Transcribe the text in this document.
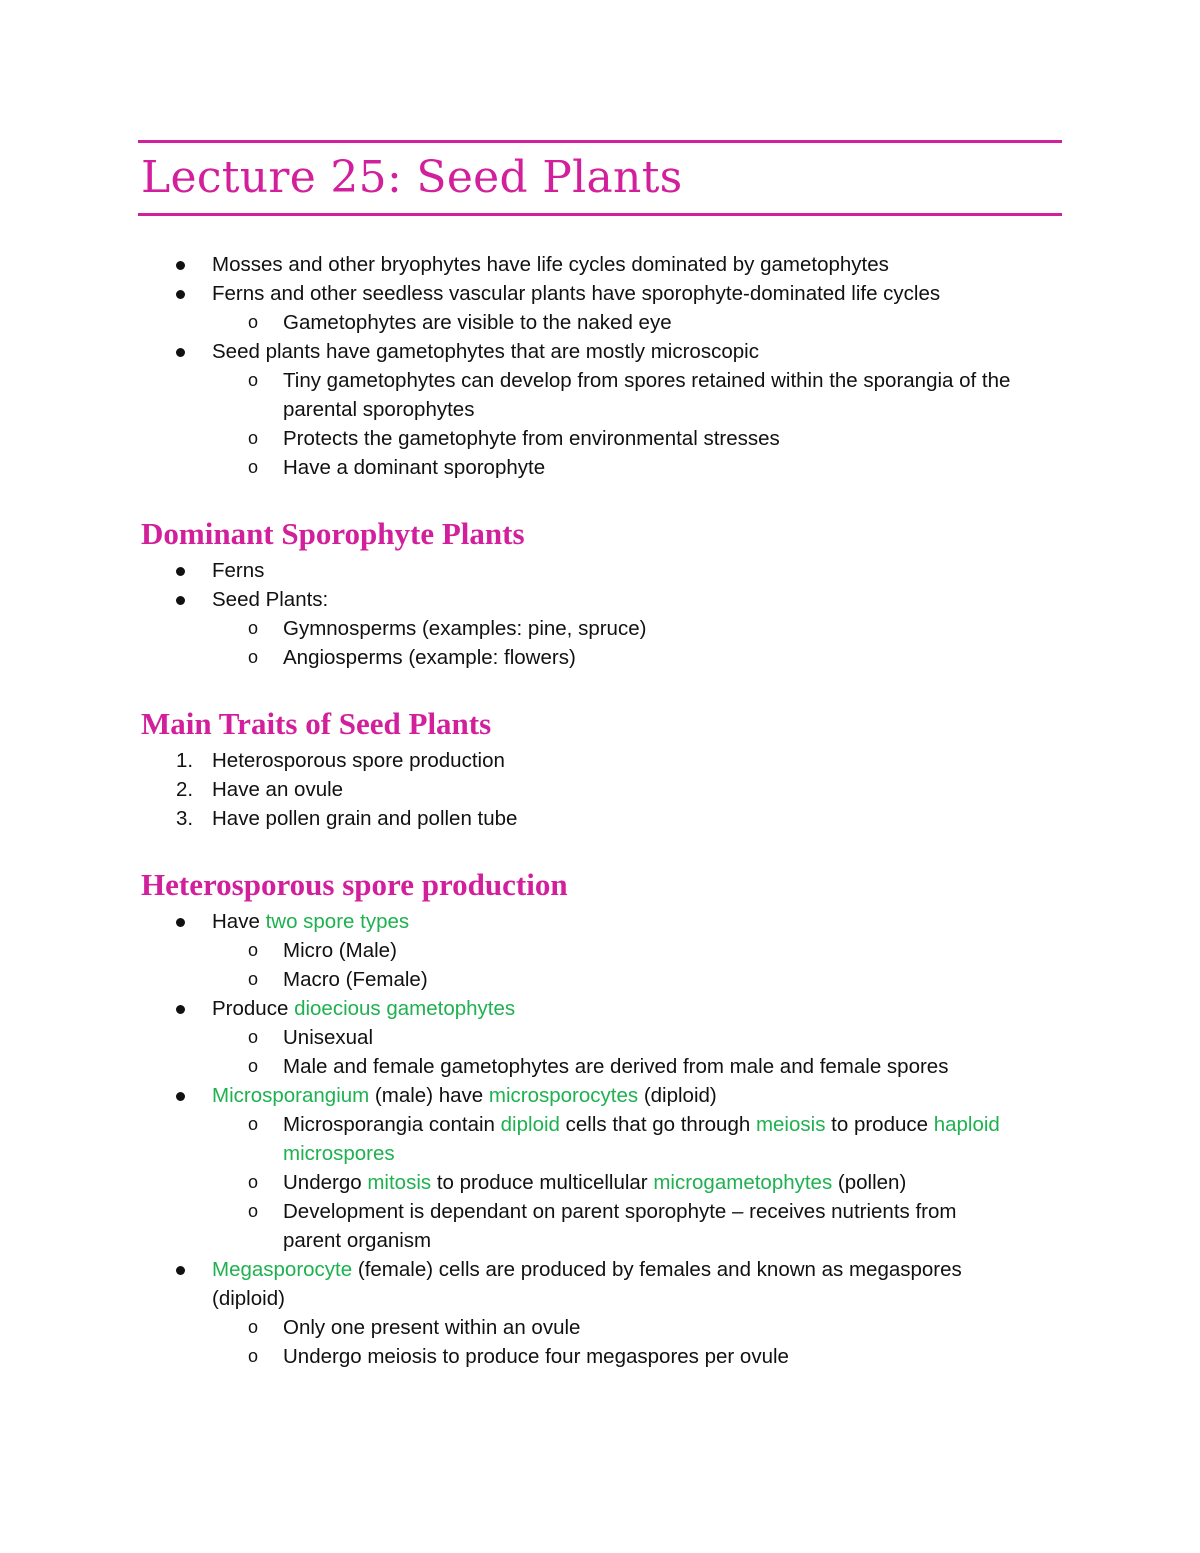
Lecture 25: Seed Plants
Mosses and other bryophytes have life cycles dominated by gametophytes
Ferns and other seedless vascular plants have sporophyte-dominated life cycles
o Gametophytes are visible to the naked eye
Seed plants have gametophytes that are mostly microscopic
o Tiny gametophytes can develop from spores retained within the sporangia of the
parental sporophytes
o Protects the gametophyte from environmental stresses
o Have a dominant sporophyte
Dominant Sporophyte Plants
Ferns
Seed Plants:
o Gymnosperms (examples: pine, spruce)
o Angiosperms (example: flowers)
Main Traits of Seed Plants
1. Heterosporous spore production
2. Have an ovule
3. Have pollen grain and pollen tube
Heterosporous spore production
Have two spore types
o Micro (Male)
o Macro (Female)
Produce dioecious gametophytes
o Unisexual
o Male and female gametophytes are derived from male and female spores
Microsporangium (male) have microsporocytes (diploid)
o Microsporangia contain diploid cells that go through meiosis to produce haploid
microspores
o Undergo mitosis to produce multicellular microgametophytes (pollen)
o Development is dependant on parent sporophyte – receives nutrients from
parent organism
Megasporocyte (female) cells are produced by females and known as megaspores
(diploid)
o Only one present within an ovule
o Undergo meiosis to produce four megaspores per ovule
